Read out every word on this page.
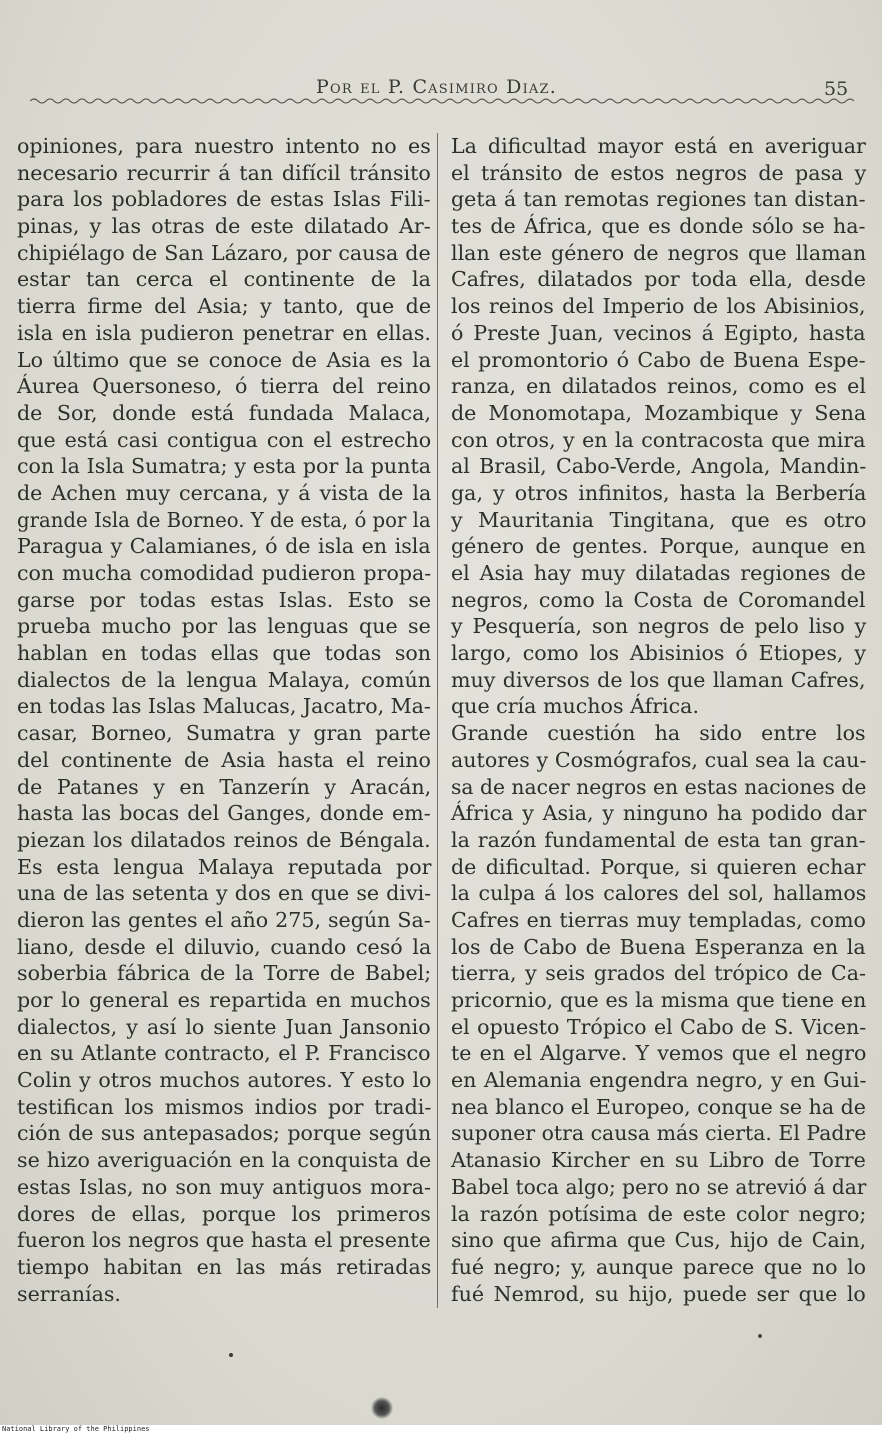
Por el P. Casimiro Diaz.	55
opiniones, para nuestro intento no es
necesario recurrir á tan difícil tránsito
para los pobladores de estas Islas Fili-
pinas, y las otras de este dilatado Ar-
chipiélago de San Lázaro, por causa de
estar tan cerca el continente de la
tierra firme del Asia; y tanto, que de
isla en isla pudieron penetrar en ellas.
Lo último que se conoce de Asia es la
Áurea Quersoneso, ó tierra del reino
de Sor, donde está fundada Malaca,
que está casi contigua con el estrecho
con la Isla Sumatra; y esta por la punta
de Achen muy cercana, y á vista de la
grande Isla de Borneo. Y de esta, ó por la
Paragua y Calamianes, ó de isla en isla
con mucha comodidad pudieron propa-
garse por todas estas Islas. Esto se
prueba mucho por las lenguas que se
hablan en todas ellas que todas son
dialectos de la lengua Malaya, común
en todas las Islas Malucas, Jacatro, Ma-
casar, Borneo, Sumatra y gran parte
del continente de Asia hasta el reino
de Patanes y en Tanzerín y Aracán,
hasta las bocas del Ganges, donde em-
piezan los dilatados reinos de Béngala.
Es esta lengua Malaya reputada por
una de las setenta y dos en que se divi-
dieron las gentes el año 275, según Sa-
liano, desde el diluvio, cuando cesó la
soberbia fábrica de la Torre de Babel;
por lo general es repartida en muchos
dialectos, y así lo siente Juan Jansonio
en su Atlante contracto, el P. Francisco
Colin y otros muchos autores. Y esto lo
testifican los mismos indios por tradi-
ción de sus antepasados; porque según
se hizo averiguación en la conquista de
estas Islas, no son muy antiguos mora-
dores de ellas, porque los primeros
fueron los negros que hasta el presente
tiempo habitan en las más retiradas
serranías.
La dificultad mayor está en averiguar
el tránsito de estos negros de pasa y
geta á tan remotas regiones tan distan-
tes de África, que es donde sólo se ha-
llan este género de negros que llaman
Cafres, dilatados por toda ella, desde
los reinos del Imperio de los Abisinios,
ó Preste Juan, vecinos á Egipto, hasta
el promontorio ó Cabo de Buena Espe-
ranza, en dilatados reinos, como es el
de Monomotapa, Mozambique y Sena
con otros, y en la contracosta que mira
al Brasil, Cabo-Verde, Angola, Mandin-
ga, y otros infinitos, hasta la Berbería
y Mauritania Tingitana, que es otro
género de gentes. Porque, aunque en
el Asia hay muy dilatadas regiones de
negros, como la Costa de Coromandel
y Pesquería, son negros de pelo liso y
largo, como los Abisinios ó Etiopes, y
muy diversos de los que llaman Cafres,
que cría muchos África.
Grande cuestión ha sido entre los
autores y Cosmógrafos, cual sea la cau-
sa de nacer negros en estas naciones de
África y Asia, y ninguno ha podido dar
la razón fundamental de esta tan gran-
de dificultad. Porque, si quieren echar
la culpa á los calores del sol, hallamos
Cafres en tierras muy templadas, como
los de Cabo de Buena Esperanza en la
tierra, y seis grados del trópico de Ca-
pricornio, que es la misma que tiene en
el opuesto Trópico el Cabo de S. Vicen-
te en el Algarve. Y vemos que el negro
en Alemania engendra negro, y en Gui-
nea blanco el Europeo, conque se ha de
suponer otra causa más cierta. El Padre
Atanasio Kircher en su Libro de Torre
Babel toca algo; pero no se atrevió á dar
la razón potísima de este color negro;
sino que afirma que Cus, hijo de Cain,
fué negro; y, aunque parece que no lo
fué Nemrod, su hijo, puede ser que lo
National Library of the Philippines
